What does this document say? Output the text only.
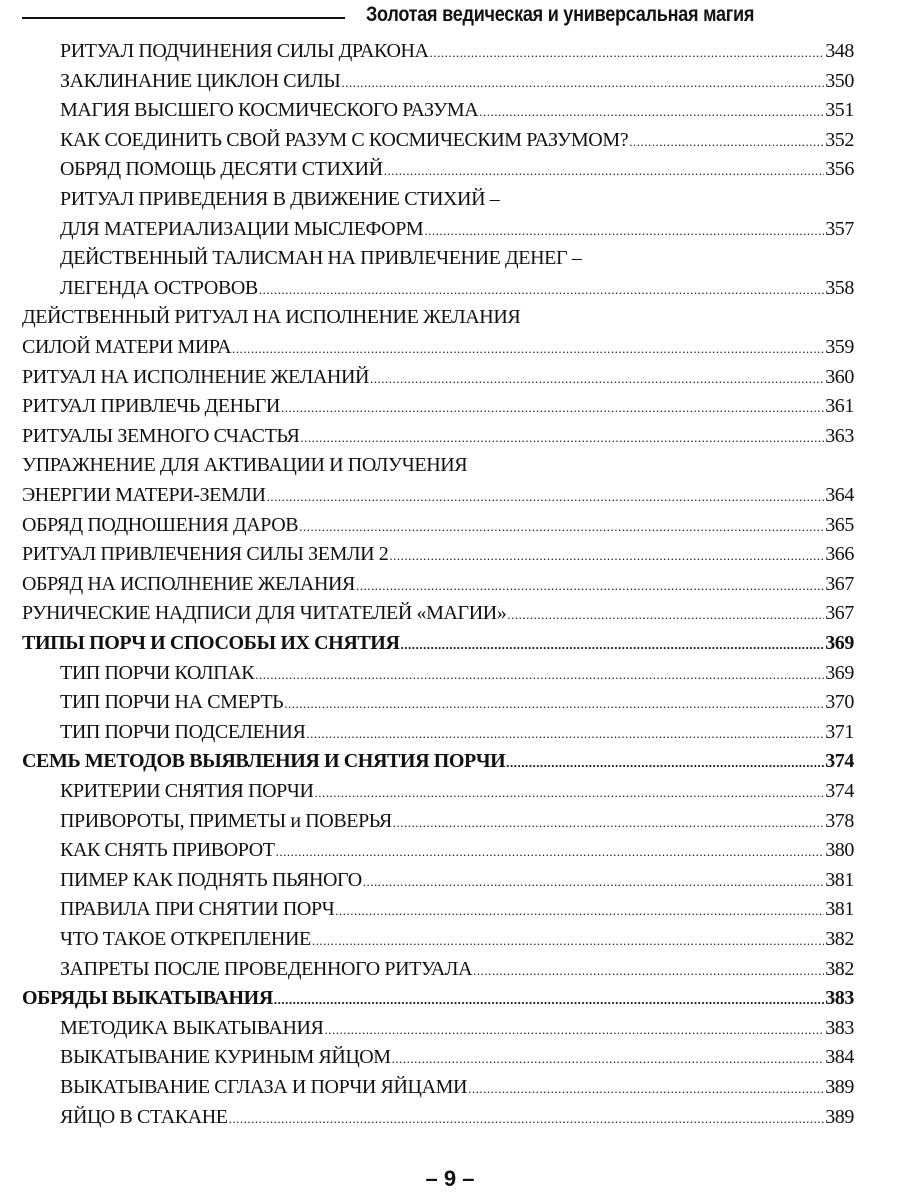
Золотая ведическая и универсальная магия
РИТУАЛ ПОДЧИНЕНИЯ СИЛЫ ДРАКОНА .....	348
ЗАКЛИНАНИЕ ЦИКЛОН СИЛЫ .....	350
МАГИЯ ВЫСШЕГО КОСМИЧЕСКОГО РАЗУМА .....	351
КАК СОЕДИНИТЬ СВОЙ РАЗУМ С КОСМИЧЕСКИМ РАЗУМОМ? .....	352
ОБРЯД ПОМОЩЬ ДЕСЯТИ СТИХИЙ .....	356
РИТУАЛ ПРИВЕДЕНИЯ В ДВИЖЕНИЕ СТИХИЙ –
ДЛЯ МАТЕРИАЛИЗАЦИИ МЫСЛЕФОРМ .....	357
ДЕЙСТВЕННЫЙ ТАЛИСМАН НА ПРИВЛЕЧЕНИЕ ДЕНЕГ –
ЛЕГЕНДА ОСТРОВОВ .....	358
ДЕЙСТВЕННЫЙ РИТУАЛ НА ИСПОЛНЕНИЕ ЖЕЛАНИЯ
СИЛОЙ МАТЕРИ МИРА .....	359
РИТУАЛ НА ИСПОЛНЕНИЕ ЖЕЛАНИЙ .....	360
РИТУАЛ ПРИВЛЕЧЬ ДЕНЬГИ .....	361
РИТУАЛЫ ЗЕМНОГО СЧАСТЬЯ .....	363
УПРАЖНЕНИЕ ДЛЯ АКТИВАЦИИ И ПОЛУЧЕНИЯ
ЭНЕРГИИ МАТЕРИ-ЗЕМЛИ .....	364
ОБРЯД ПОДНОШЕНИЯ ДАРОВ .....	365
РИТУАЛ ПРИВЛЕЧЕНИЯ СИЛЫ ЗЕМЛИ 2 .....	366
ОБРЯД НА ИСПОЛНЕНИЕ ЖЕЛАНИЯ .....	367
РУНИЧЕСКИЕ НАДПИСИ ДЛЯ ЧИТАТЕЛЕЙ «МАГИИ» .....	367
ТИПЫ ПОРЧ И СПОСОБЫ ИХ СНЯТИЯ .....	369
ТИП ПОРЧИ КОЛПАК .....	369
ТИП ПОРЧИ НА СМЕРТЬ .....	370
ТИП ПОРЧИ ПОДСЕЛЕНИЯ .....	371
СЕМЬ МЕТОДОВ ВЫЯВЛЕНИЯ И СНЯТИЯ ПОРЧИ .....	374
КРИТЕРИИ СНЯТИЯ ПОРЧИ .....	374
ПРИВОРОТЫ, ПРИМЕТЫ и ПОВЕРЬЯ .....	378
КАК СНЯТЬ ПРИВОРОТ .....	380
ПИМЕР КАК ПОДНЯТЬ ПЬЯНОГО .....	381
ПРАВИЛА ПРИ СНЯТИИ ПОРЧ .....	381
ЧТО ТАКОЕ ОТКРЕПЛЕНИЕ .....	382
ЗАПРЕТЫ ПОСЛЕ ПРОВЕДЕННОГО РИТУАЛА .....	382
ОБРЯДЫ ВЫКАТЫВАНИЯ .....	383
МЕТОДИКА ВЫКАТЫВАНИЯ .....	383
ВЫКАТЫВАНИЕ КУРИНЫМ ЯЙЦОМ .....	384
ВЫКАТЫВАНИЕ СГЛАЗА И ПОРЧИ ЯЙЦАМИ .....	389
ЯЙЦО В СТАКАНЕ .....	389
– 9 –
